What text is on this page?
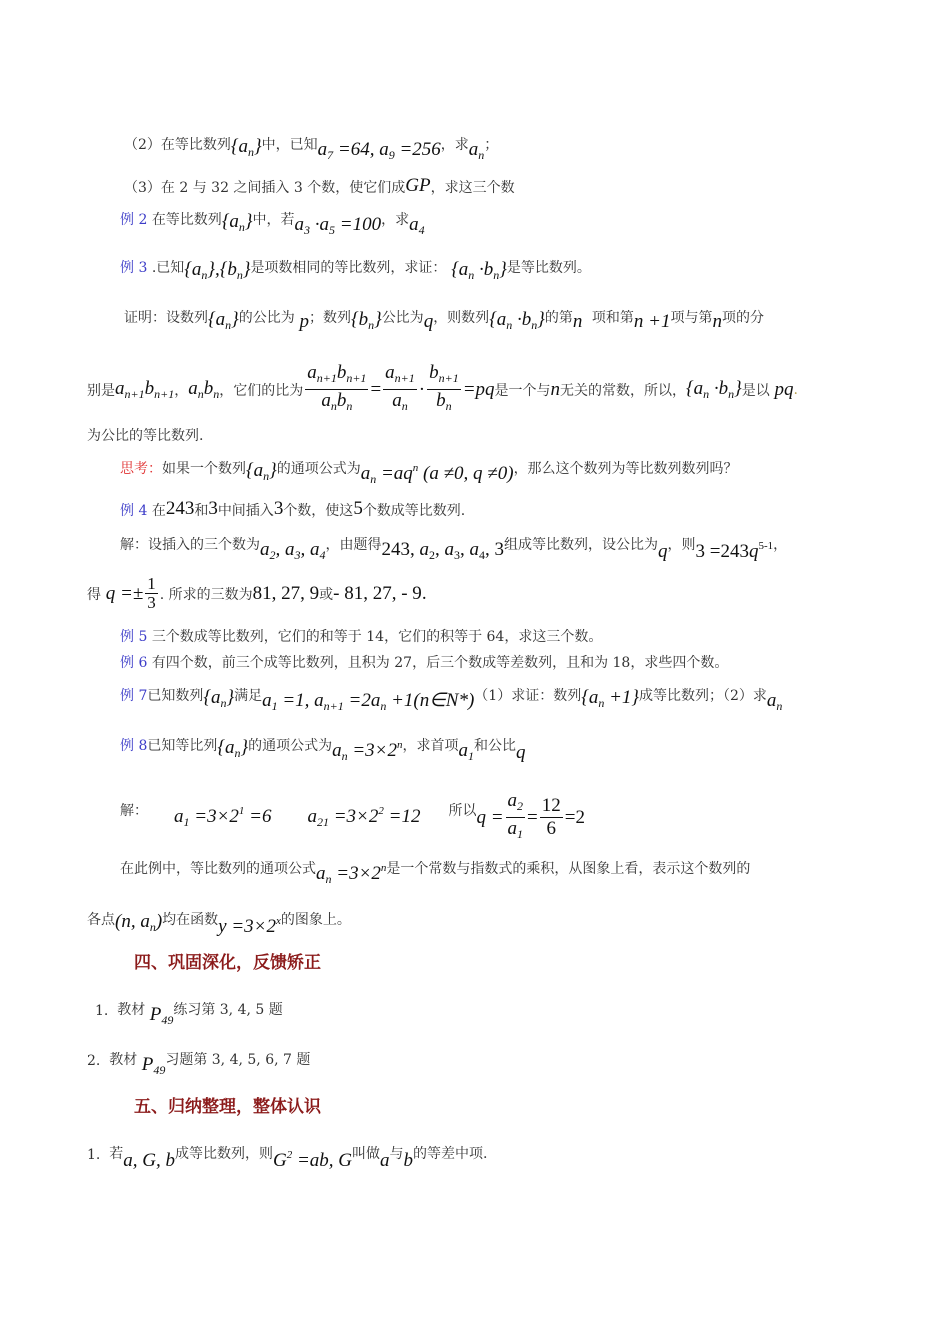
（2）在等比数列 $\{a_n\}$ 中，已知 $a_7 =64$, $a_9 =256$ ，求 $a_n$
；
（3）在 2 与 32 之间插入 3 个数，使它们成 GP ，求这三个数
例 2
在等比数列 $\{a_n\}$ 中，若 $a_3 \cdot a_5 =100$ ，求 $a_4$
例 3
.已知 $\{a_n\},\{b_n\}$ 是项数相同的等比数列，求证： $\{a_n \cdot b_n\}$ 是等比数列。
证明：设数列 $\{a_n\}$ 的公比为 p ；数列 $\{b_n\}$ 公比为 q ，则数列 $\{a_n \cdot b_n\}$ 的第 n 项和第 n +1 项与第 n 项的分
别是 $a_{n+1}b_{n+1}$ ， $a_nb_n$ ，它们的比为 $\frac{a_{n+1}b_{n+1}}{a_nb_n} = \frac{a_{n+1}}{a_n} \cdot \frac{b_{n+1}}{b_n} =pq$ 是一个与 n 无关的常数，所以， $\{a_n \cdot b_n\}$ 是以 pq .
为公比的等比数列.
思考： 如果一个数列 $\{a_n\}$ 的通项公式为 $a_n =aq^n$ (a ≠0, q ≠0) ，那么这个数列为等比数列数列吗？
例 4
在 243 和 3 中间插入 3 个数，使这 5 个数成等比数列.
解：设插入的三个数为 $a_2$, $a_3$, $a_4$
，由题得 243, $a_2$, $a_3$, $a_4$, 3 组成等比数列，设公比为 q ，则 $3 =243q^{5-1}$ ，
得 $q =\pm \frac{1}{3}$ . 所求的三数为 81, 27, 9 或 - 81, 27, - 9 .
例 5
三个数成等比数列，它们的和等于 14，它们的积等于 64，求这三个数。
例 6
有四个数，前三个成等比数列，且积为 27，后三个数成等差数列，且和为 18，求些四个数。
例 7 已知数列 $\{a_n\}$ 满足 $a_1 =1$, $a_{n+1} =2a_n$ +1(n∈N*) （1）求证：数列 $\{a_n +1\}$ 成等比数列；（2）求 $a_n$
例 8 已知等比列 $\{a_n\}$ 的通项公式为 $a_n =3\times 2^n$ ，求首项 $a_1$
和公比 q
解： $a_1 =3\times 2^1 =6$ $a_{21} =3\times 2^2 =12$ 所以 $q = \frac{a_2}{a_1} = \frac{12}{6} =2$
在此例中，等比数列的通项公式 $a_n =3\times 2^n$ 是一个常数与指数式的乘积，从图象上看，表示这个数列的
各点 (n, $a_n$) 均在函数 $y =3\times 2^x$ 的图象上。
四、巩固深化，反馈矫正
1.
教材
$P_{49}$
练习第 3, 4, 5 题
2.
教材
$P_{49}$
习题第 3, 4, 5, 6, 7 题
五、归纳整理，整体认识
1.
若 a, G, b 成等比数列，则 $G^2 =ab$, G 叫做 a 与 b 的等差中项.
